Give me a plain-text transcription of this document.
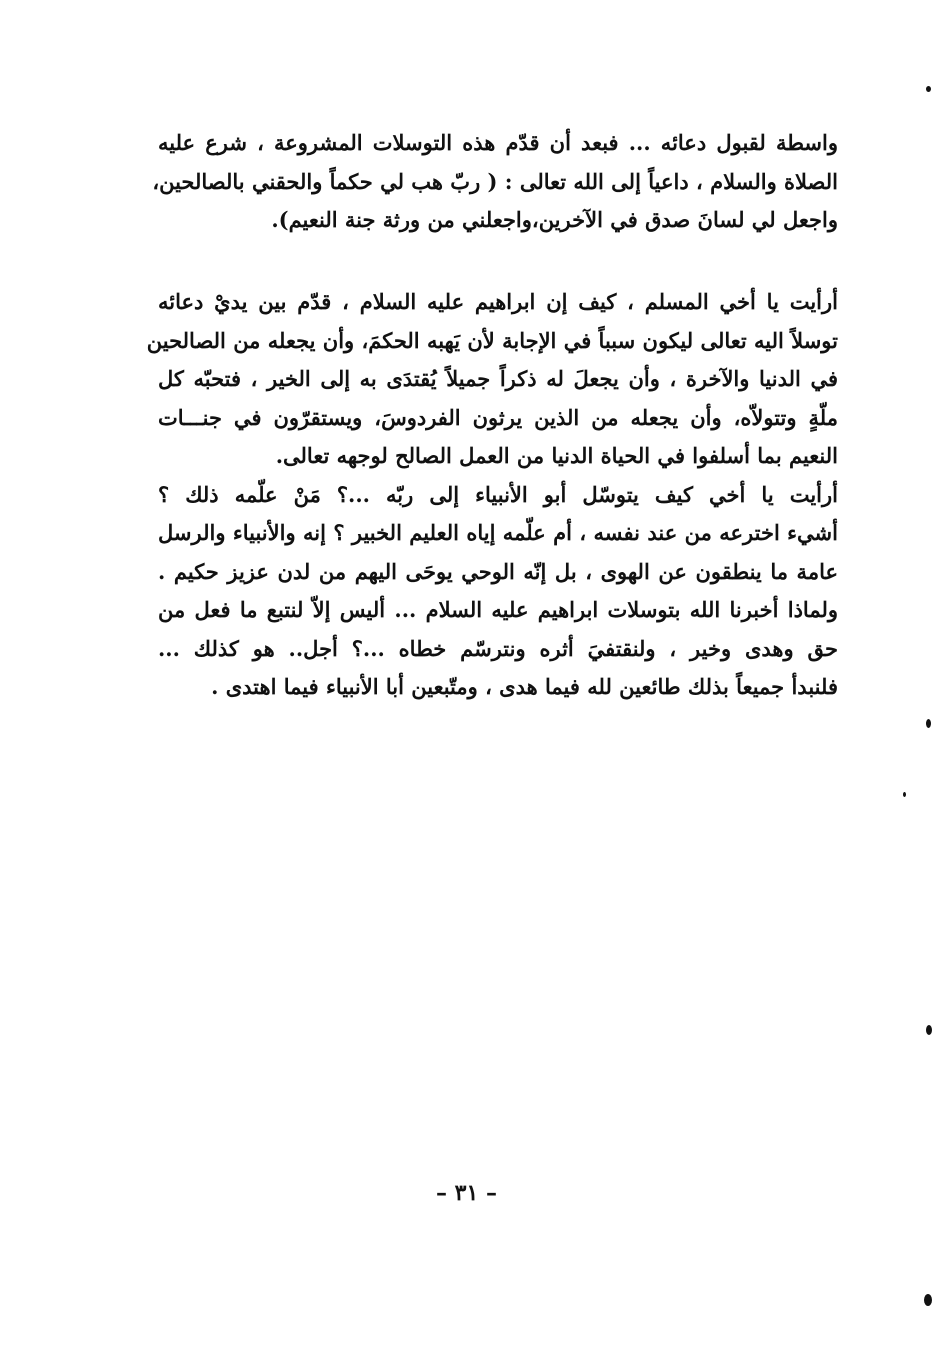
واسطة لقبول دعائه ... فبعد أن قدّم هذه التوسلات المشروعة ، شرع عليه
الصلاة والسلام ، داعياً إلى الله تعالى : ( ربّ هب لي حكماً والحقني بالصالحين،
واجعل لي لسانَ صدق في الآخرين،واجعلني من ورثة جنة النعيم).
أرأيت يا أخي المسلم ، كيف إن ابراهيم عليه السلام ، قدّم بين يديْ دعائه
توسلاً اليه تعالى ليكون سبباً في الإجابة لأن يَهبه الحكمَ، وأن يجعله من الصالحين
في الدنيا والآخرة ، وأن يجعلَ له ذكراً جميلاً يُقتدَى به إلى الخير ، فتحبّه كل
ملّةٍ وتتولاّه، وأن يجعله من الذين يرثون الفردوسَ، ويستقرّون في جنـــات
النعيم بما أسلفوا في الحياة الدنيا من العمل الصالح لوجهه تعالى.
أرأيت يا أخي كيف يتوسّل أبو الأنبياء إلى ربّه ...؟ مَنْ علّمه ذلك ؟
أشيء اخترعه من عند نفسه ، أم علّمه إياه العليم الخبير ؟ إنه والأنبياء والرسل
عامة ما ينطقون عن الهوى ، بل إنّه الوحي يوحَى اليهم من لدن عزيز حكيم .
ولماذا أخبرنا الله بتوسلات ابراهيم عليه السلام ... أليس إلاّ لنتبع ما فعل من
حق وهدى وخير ، ولنقتفيَ أثره ونترسّم خطاه ...؟ أجل.. هو كذلك ...
فلنبدأ جميعاً بذلك طائعين لله فيما هدى ، ومتّبعين أبا الأنبياء فيما اهتدى .
– ٣١ –
